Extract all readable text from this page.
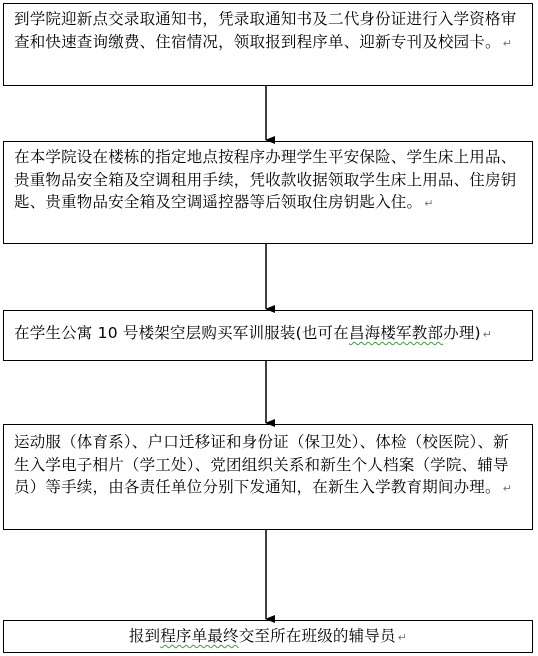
到学院迎新点交录取通知书，凭录取通知书及二代身份证进行入学资格审查和快速查询缴费、住宿情况，领取报到程序单、迎新专刊及校园卡。 ↵
在本学院设在楼栋的指定地点按程序办理学生平安保险、学生床上用品、贵重物品安全箱及空调租用手续，凭收款收据领取学生床上用品、住房钥匙、贵重物品安全箱及空调遥控器等后领取住房钥匙入住。 ↵
在学生公寓 10 号楼架空层购买军训服装(也可在昌海楼军教部办理) ↵
运动服（体育系）、户口迁移证和身份证（保卫处）、体检（校医院）、新生入学电子相片（学工处）、党团组织关系和新生个人档案（学院、辅导员）等手续，由各责任单位分别下发通知，在新生入学教育期间办理。 ↵
报到程序单最终交至所在班级的辅导员 ↵
